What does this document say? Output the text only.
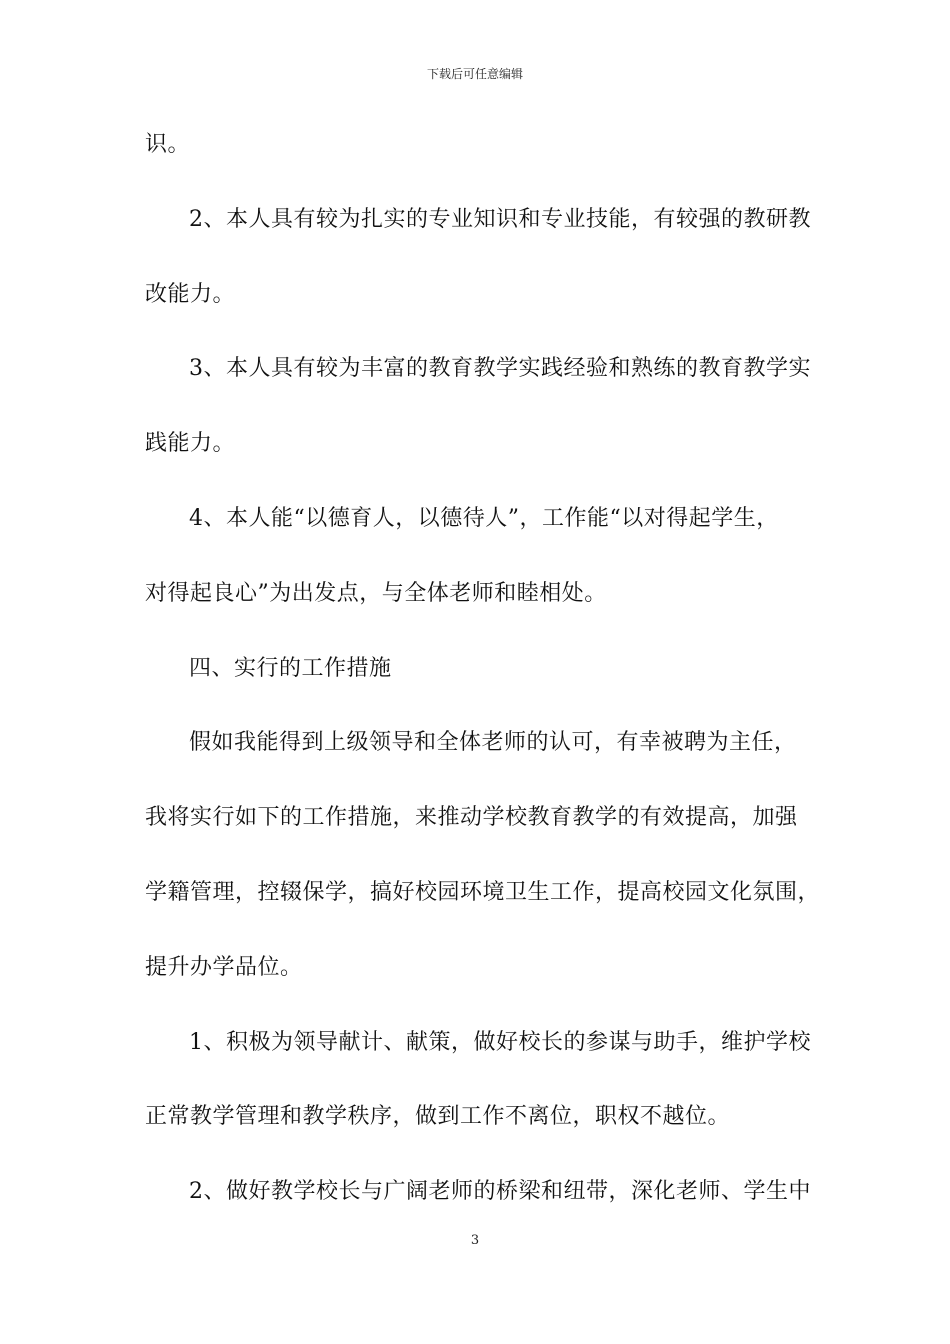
下载后可任意编辑
识。
2、本人具有较为扎实的专业知识和专业技能，有较强的教研教
改能力。
3、本人具有较为丰富的教育教学实践经验和熟练的教育教学实
践能力。
4、本人能“以德育人，以德待人”，工作能“以对得起学生，
对得起良心”为出发点，与全体老师和睦相处。
四、实行的工作措施
假如我能得到上级领导和全体老师的认可，有幸被聘为主任，
我将实行如下的工作措施，来推动学校教育教学的有效提高，加强
学籍管理，控辍保学，搞好校园环境卫生工作，提高校园文化氛围，
提升办学品位。
1、积极为领导献计、献策，做好校长的参谋与助手，维护学校
正常教学管理和教学秩序，做到工作不离位，职权不越位。
2、做好教学校长与广阔老师的桥梁和纽带，深化老师、学生中
3
